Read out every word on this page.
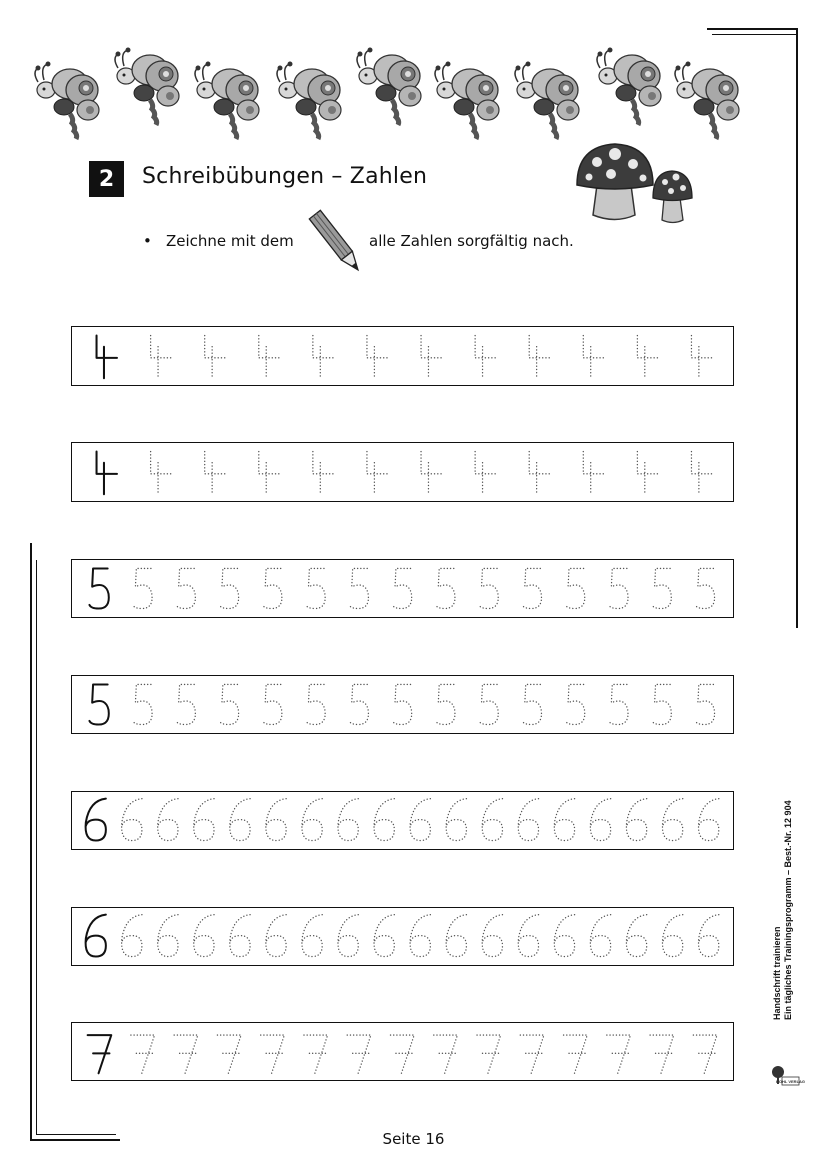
2	Schreibübungen – Zahlen
• Zeichne mit dem	alle Zahlen sorgfältig nach.
Handschrift trainieren Ein tägliches Trainingsprogramm – Best.-Nr. 12 904
KOHL VERLAG
Seite 16
